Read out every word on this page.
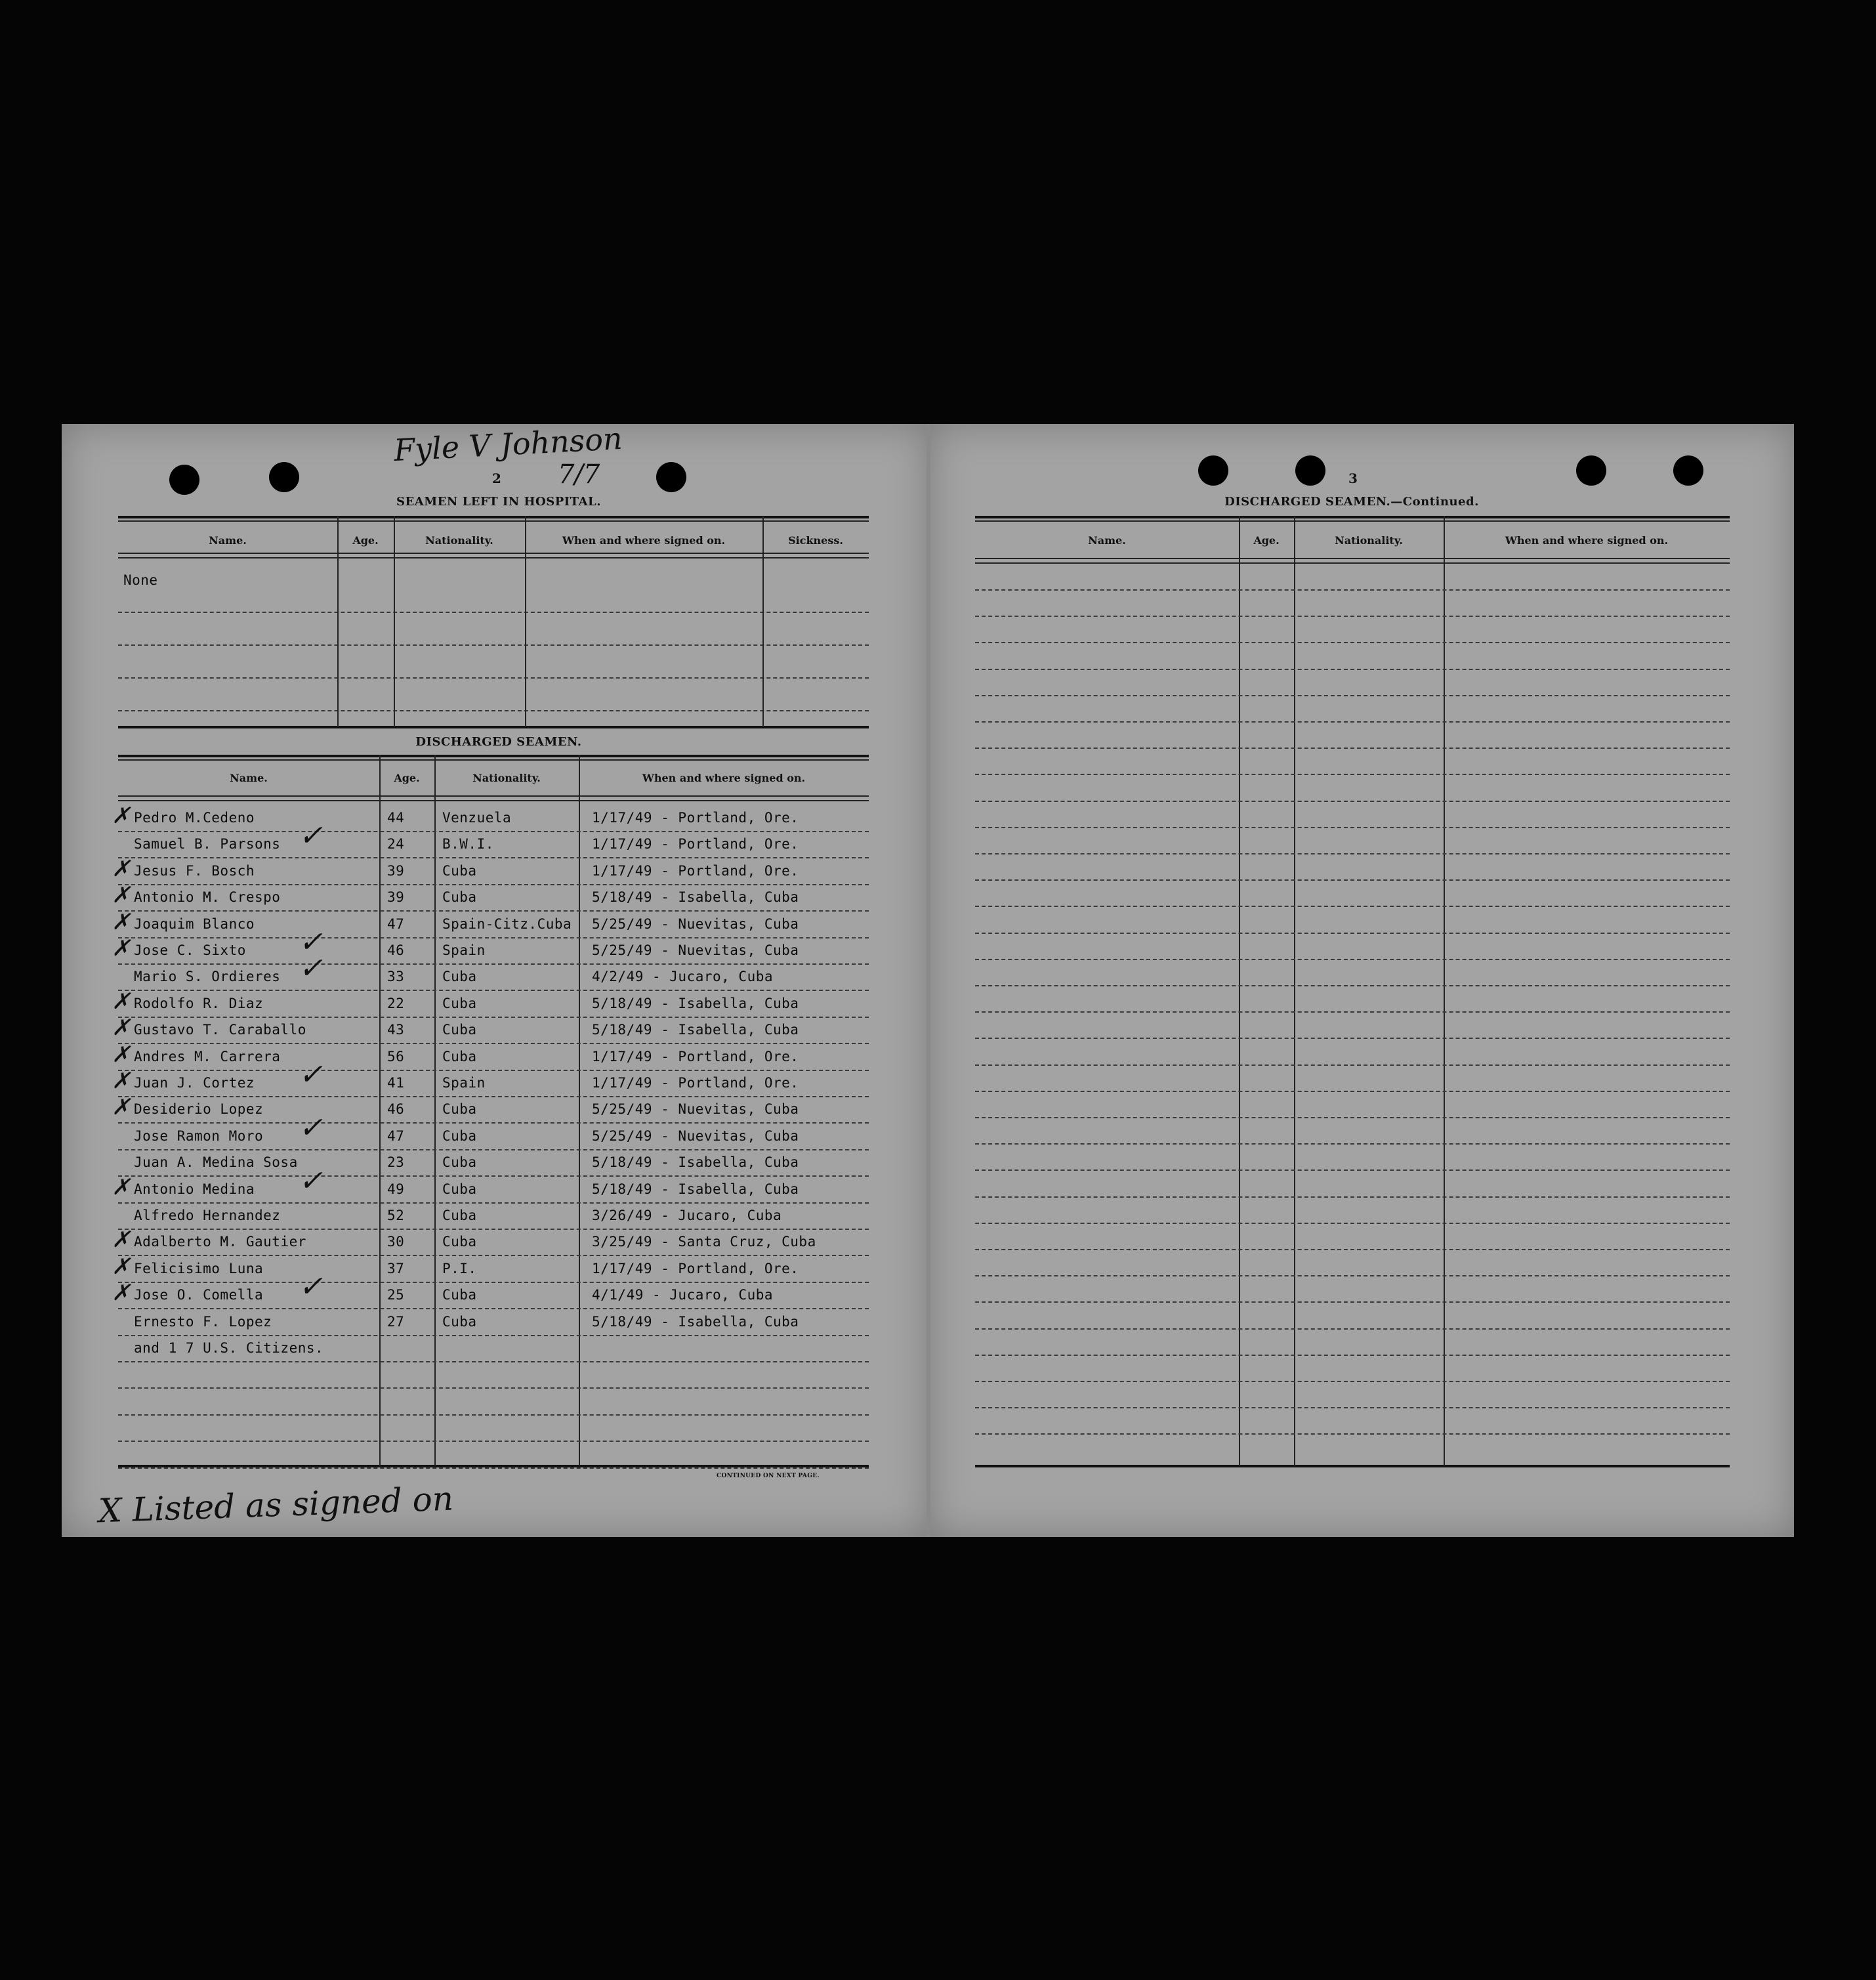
Fyle V Johnson
2 7/7
SEAMEN LEFT IN HOSPITAL.
Name.	Age.	Nationality.	When and where signed on.	Sickness.
None
DISCHARGED SEAMEN.
Name.	Age.	Nationality.	When and where signed on.
Pedro M.Cedeno	44	Venzuela	1/17/49 - Portland, Ore.
✗
Samuel B. Parsons	24	B.W.I.	1/17/49 - Portland, Ore.
✓
Jesus F. Bosch	39	Cuba	1/17/49 - Portland, Ore.
✗
Antonio M. Crespo	39	Cuba	5/18/49 - Isabella, Cuba
✗
Joaquim Blanco	47	Spain-Citz.Cuba 5/25/49 - Nuevitas, Cuba
✗
Jose C. Sixto	46	Spain	5/25/49 - Nuevitas, Cuba
✗	✓
Mario S. Ordieres	33	Cuba	4/2/49 - Jucaro, Cuba
✓
Rodolfo R. Diaz	22	Cuba	5/18/49 - Isabella, Cuba
✗
Gustavo T. Caraballo	43	Cuba	5/18/49 - Isabella, Cuba
✗
Andres M. Carrera	56	Cuba	1/17/49 - Portland, Ore.
✗
Juan J. Cortez	41	Spain	1/17/49 - Portland, Ore.
✗	✓
Desiderio Lopez	46	Cuba	5/25/49 - Nuevitas, Cuba
✗
Jose Ramon Moro	47	Cuba	5/25/49 - Nuevitas, Cuba
✓
Juan A. Medina Sosa	23	Cuba	5/18/49 - Isabella, Cuba
Antonio Medina	49	Cuba	5/18/49 - Isabella, Cuba
✗	✓
Alfredo Hernandez	52	Cuba	3/26/49 - Jucaro, Cuba
Adalberto M. Gautier	30	Cuba	3/25/49 - Santa Cruz, Cuba
✗
Felicisimo Luna	37	P.I.	1/17/49 - Portland, Ore.
✗
Jose O. Comella	25	Cuba	4/1/49 - Jucaro, Cuba
✗	✓
Ernesto F. Lopez	27	Cuba	5/18/49 - Isabella, Cuba
and 1 7 U.S. Citizens.
CONTINUED ON NEXT PAGE.
X Listed as signed on
3
DISCHARGED SEAMEN.—Continued.
Name.	Age.	Nationality.	When and where signed on.
